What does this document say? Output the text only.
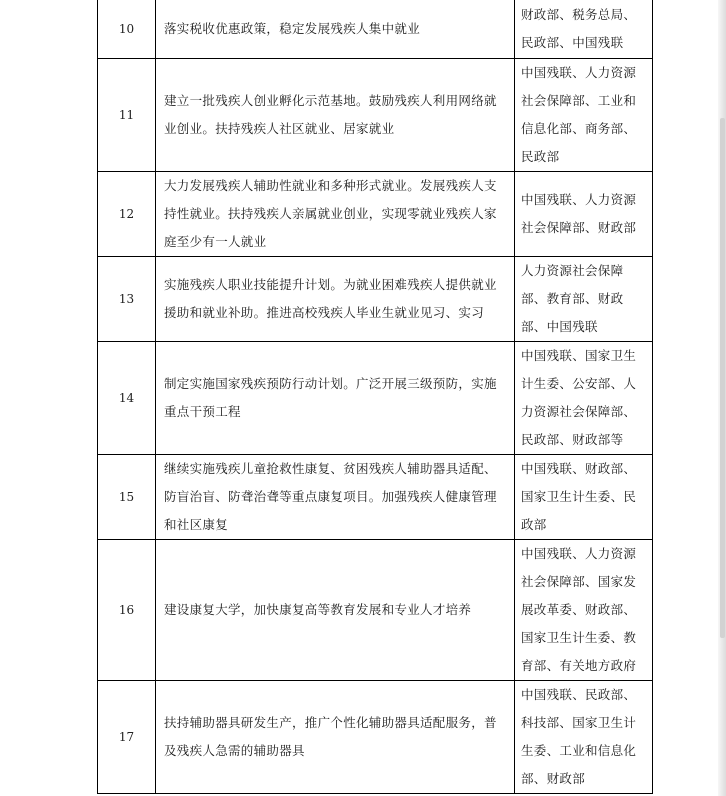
10	落实税收优惠政策，稳定发展残疾人集中就业	财政部、税务总局、
民政部、中国残联

11	建立一批残疾人创业孵化示范基地。鼓励残疾人利用网络就
业创业。扶持残疾人社区就业、居家就业	中国残联、人力资源
社会保障部、工业和
信息化部、商务部、
民政部

12	大力发展残疾人辅助性就业和多种形式就业。发展残疾人支
持性就业。扶持残疾人亲属就业创业，实现零就业残疾人家
庭至少有一人就业	中国残联、人力资源
社会保障部、财政部

13	实施残疾人职业技能提升计划。为就业困难残疾人提供就业
援助和就业补助。推进高校残疾人毕业生就业见习、实习	人力资源社会保障
部、教育部、财政
部、中国残联

14	制定实施国家残疾预防行动计划。广泛开展三级预防，实施
重点干预工程	中国残联、国家卫生
计生委、公安部、人
力资源社会保障部、
民政部、财政部等

15	继续实施残疾儿童抢救性康复、贫困残疾人辅助器具适配、
防盲治盲、防聋治聋等重点康复项目。加强残疾人健康管理
和社区康复	中国残联、财政部、
国家卫生计生委、民
政部

16	建设康复大学，加快康复高等教育发展和专业人才培养	中国残联、人力资源
社会保障部、国家发
展改革委、财政部、
国家卫生计生委、教
育部、有关地方政府

17	扶持辅助器具研发生产，推广个性化辅助器具适配服务，普
及残疾人急需的辅助器具	中国残联、民政部、
科技部、国家卫生计
生委、工业和信息化
部、财政部
